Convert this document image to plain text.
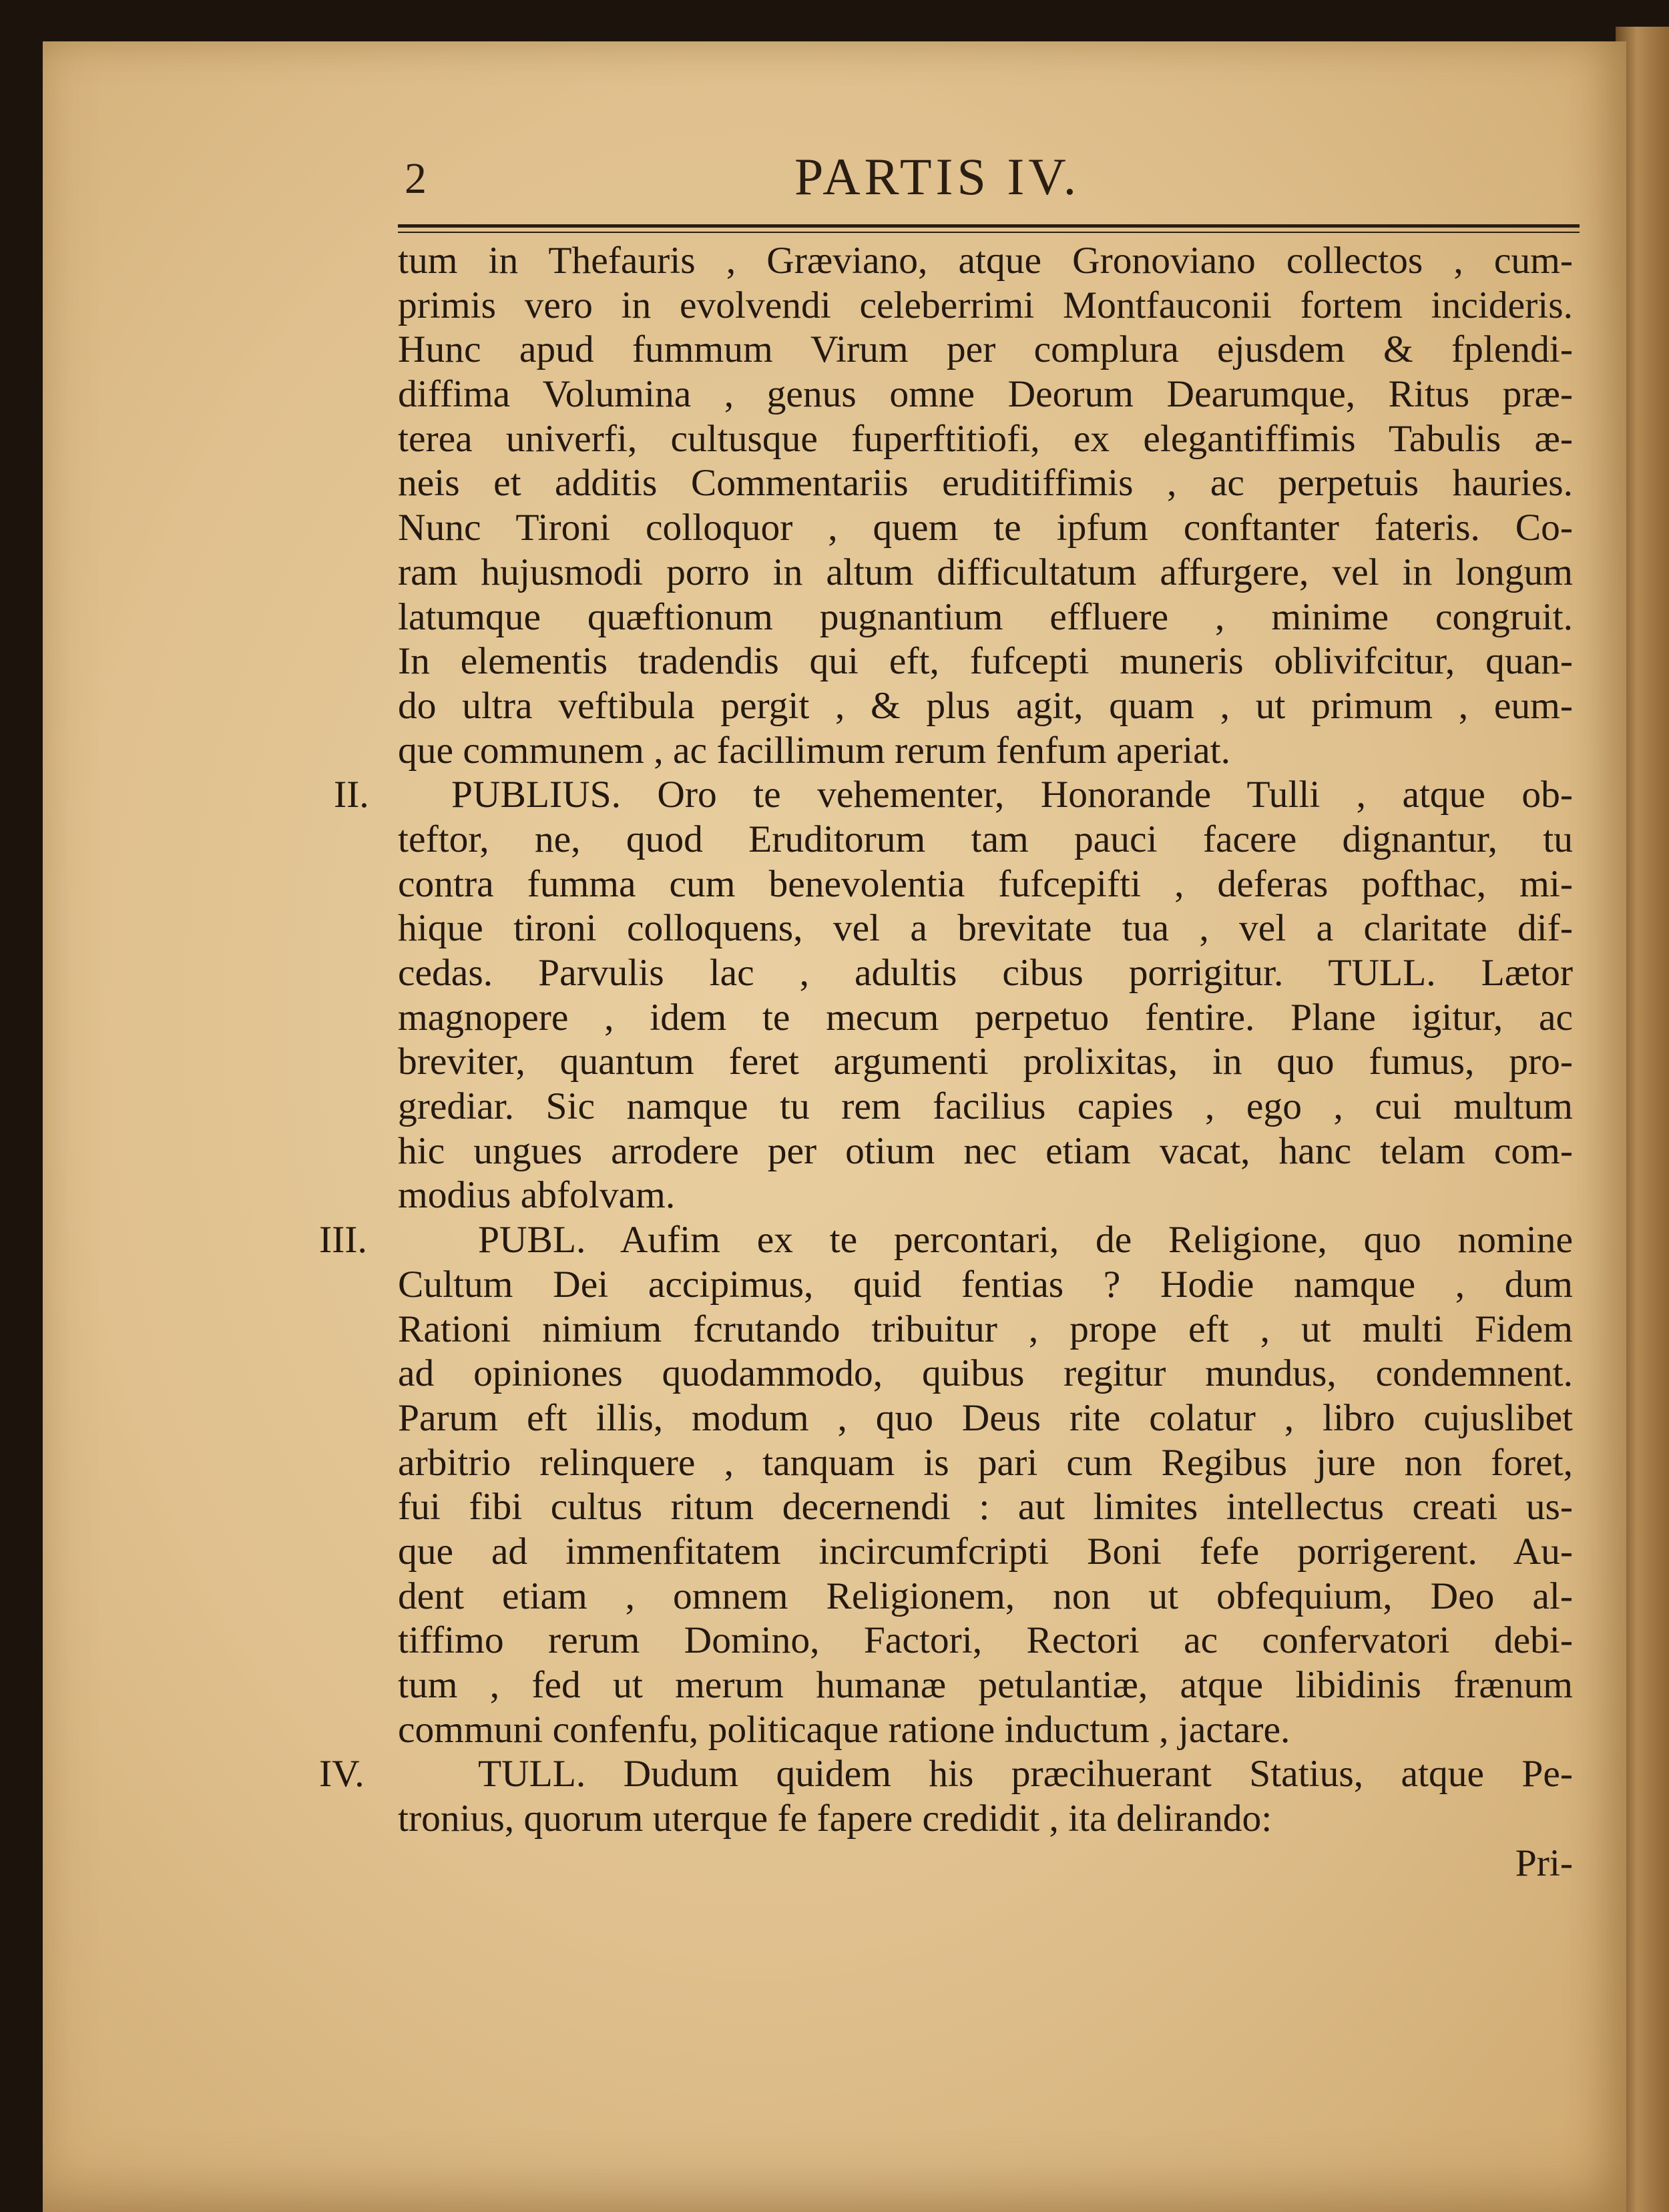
2	PARTIS IV.
tum in Thefauris , Græviano, atque Gronoviano collectos , cum-
primis vero in evolvendi celeberrimi Montfauconii fortem incideris.
Hunc apud fummum Virum per complura ejusdem & fplendi-
diffima Volumina , genus omne Deorum Dearumque, Ritus præ-
terea univerfi, cultusque fuperftitiofi, ex elegantiffimis Tabulis æ-
neis et additis Commentariis eruditiffimis , ac perpetuis hauries.
Nunc Tironi colloquor , quem te ipfum conftanter fateris. Co-
ram hujusmodi porro in altum difficultatum affurgere, vel in longum
latumque quæftionum pugnantium effluere , minime congruit.
In elementis tradendis qui eft, fufcepti muneris oblivifcitur, quan-
do ultra veftibula pergit , & plus agit, quam , ut primum , eum-
que communem , ac facillimum rerum fenfum aperiat.
II.	PUBLIUS. Oro te vehementer, Honorande Tulli , atque ob-
teftor, ne, quod Eruditorum tam pauci facere dignantur, tu
contra fumma cum benevolentia fufcepifti , deferas pofthac, mi-
hique tironi colloquens, vel a brevitate tua , vel a claritate dif-
cedas. Parvulis lac , adultis cibus porrigitur. TULL. Lætor
magnopere , idem te mecum perpetuo fentire. Plane igitur, ac
breviter, quantum feret argumenti prolixitas, in quo fumus, pro-
grediar. Sic namque tu rem facilius capies , ego , cui multum
hic ungues arrodere per otium nec etiam vacat, hanc telam com-
modius abfolvam.
III.	PUBL. Aufim ex te percontari, de Religione, quo nomine
Cultum Dei accipimus, quid fentias ? Hodie namque , dum
Rationi nimium fcrutando tribuitur , prope eft , ut multi Fidem
ad opiniones quodammodo, quibus regitur mundus, condemnent.
Parum eft illis, modum , quo Deus rite colatur , libro cujuslibet
arbitrio relinquere , tanquam is pari cum Regibus jure non foret,
fui fibi cultus ritum decernendi : aut limites intellectus creati us-
que ad immenfitatem incircumfcripti Boni fefe porrigerent. Au-
dent etiam , omnem Religionem, non ut obfequium, Deo al-
tiffimo rerum Domino, Factori, Rectori ac confervatori debi-
tum , fed ut merum humanæ petulantiæ, atque libidinis frænum
communi confenfu, politicaque ratione inductum , jactare.
IV.	TULL. Dudum quidem his præcihuerant Statius, atque Pe-
tronius, quorum uterque fe fapere credidit , ita delirando:
Pri-
